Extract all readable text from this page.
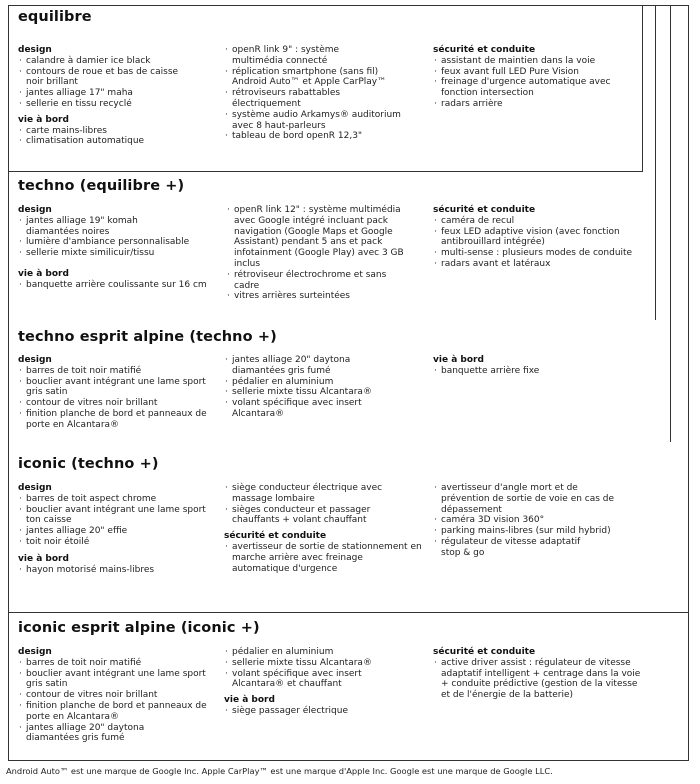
equilibre
design
· calandre à damier ice black
· contours de roue et bas de caisse noir brillant
· jantes alliage 17" maha
· sellerie en tissu recyclé
vie à bord
· carte mains-libres
· climatisation automatique
· openR link 9" : système multimédia connecté
· réplication smartphone (sans fil) Android Auto™ et Apple CarPlay™
· rétroviseurs rabattables électriquement
· système audio Arkamys® auditorium avec 8 haut-parleurs
· tableau de bord openR 12,3"
sécurité et conduite
· assistant de maintien dans la voie
· feux avant full LED Pure Vision
· freinage d'urgence automatique avec fonction intersection
· radars arrière
techno (equilibre +)
design
· jantes alliage 19" komah diamantées noires
· lumière d'ambiance personnalisable
· sellerie mixte similicuir/tissu
vie à bord
· banquette arrière coulissante sur 16 cm
· openR link 12" : système multimédia avec Google intégré incluant pack navigation (Google Maps et Google Assistant) pendant 5 ans et pack infotainment (Google Play) avec 3 GB inclus
· rétroviseur électrochrome et sans cadre
· vitres arrières surteintées
sécurité et conduite
· caméra de recul
· feux LED adaptive vision (avec fonction antibrouillard intégrée)
· multi-sense : plusieurs modes de conduite
· radars avant et latéraux
techno esprit alpine (techno +)
design
· barres de toit noir matifié
· bouclier avant intégrant une lame sport gris satin
· contour de vitres noir brillant
· finition planche de bord et panneaux de porte en Alcantara®
· jantes alliage 20" daytona diamantées gris fumé
· pédalier en aluminium
· sellerie mixte tissu Alcantara®
· volant spécifique avec insert Alcantara®
vie à bord
· banquette arrière fixe
iconic (techno +)
design
· barres de toit aspect chrome
· bouclier avant intégrant une lame sport ton caisse
· jantes alliage 20" effie
· toit noir étoilé
vie à bord
· hayon motorisé mains-libres
· siège conducteur électrique avec massage lombaire
· sièges conducteur et passager chauffants + volant chauffant
sécurité et conduite
· avertisseur de sortie de stationnement en marche arrière avec freinage automatique d'urgence
· avertisseur d'angle mort et de prévention de sortie de voie en cas de dépassement
· caméra 3D vision 360°
· parking mains-libres (sur mild hybrid)
· régulateur de vitesse adaptatif stop & go
iconic esprit alpine (iconic +)
design
· barres de toit noir matifié
· bouclier avant intégrant une lame sport gris satin
· contour de vitres noir brillant
· finition planche de bord et panneaux de porte en Alcantara®
· jantes alliage 20" daytona diamantées gris fumé
· pédalier en aluminium
· sellerie mixte tissu Alcantara®
· volant spécifique avec insert Alcantara® et chauffant
vie à bord
· siège passager électrique
sécurité et conduite
· active driver assist : régulateur de vitesse adaptatif intelligent + centrage dans la voie + conduite prédictive (gestion de la vitesse et de l'énergie de la batterie)
Android Auto™ est une marque de Google Inc. Apple CarPlay™ est une marque d'Apple Inc. Google est une marque de Google LLC.
